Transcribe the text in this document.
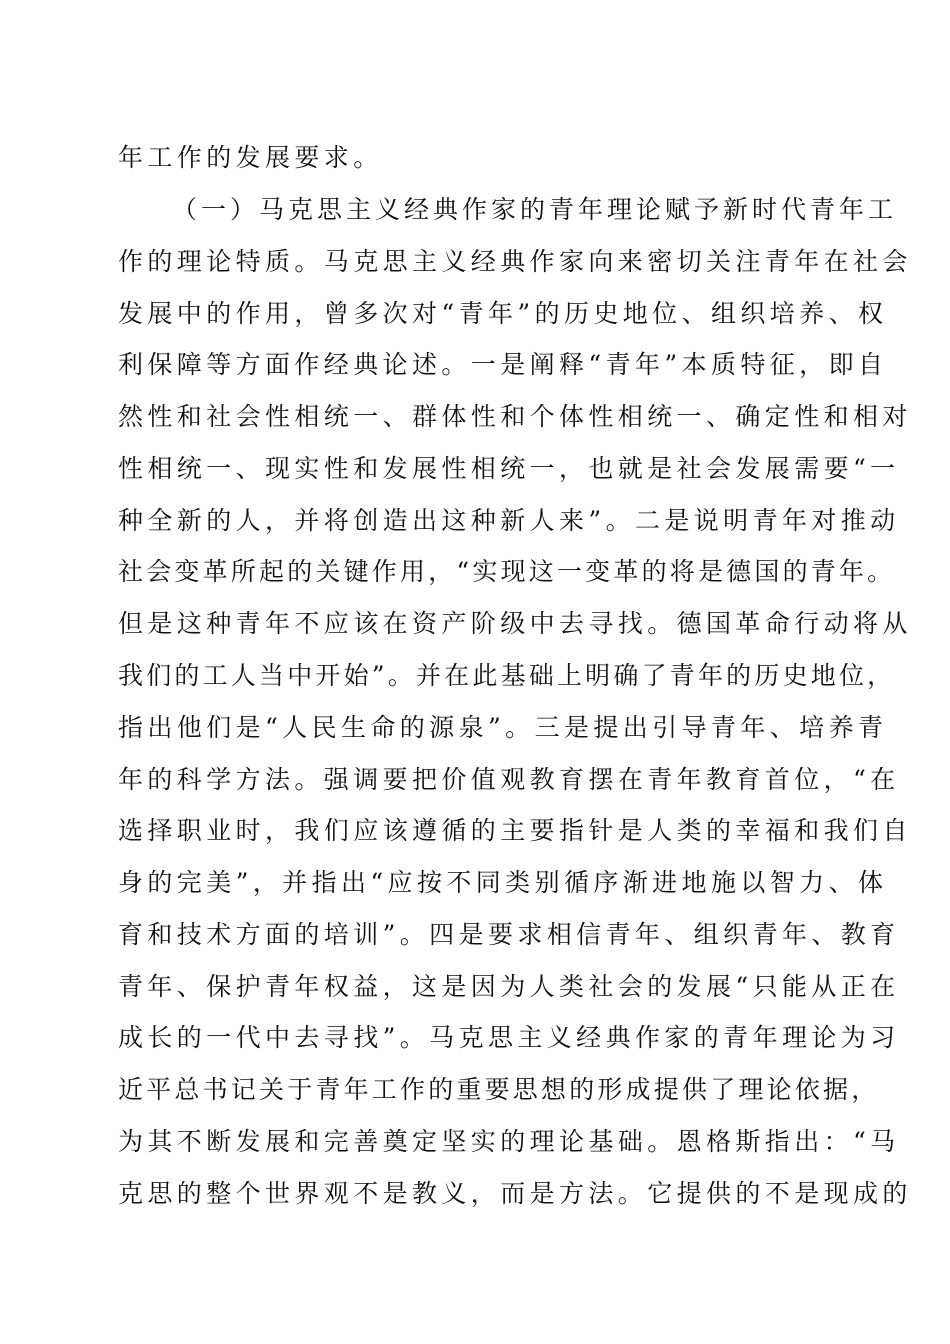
年工作的发展要求。
（一）马克思主义经典作家的青年理论赋予新时代青年工
作的理论特质。马克思主义经典作家向来密切关注青年在社会
发展中的作用，曾多次对“青年”的历史地位、组织培养、权
利保障等方面作经典论述。一是阐释“青年”本质特征，即自
然性和社会性相统一、群体性和个体性相统一、确定性和相对
性相统一、现实性和发展性相统一，也就是社会发展需要“一
种全新的人，并将创造出这种新人来”。二是说明青年对推动
社会变革所起的关键作用，“实现这一变革的将是德国的青年。
但是这种青年不应该在资产阶级中去寻找。德国革命行动将从
我们的工人当中开始”。并在此基础上明确了青年的历史地位，
指出他们是“人民生命的源泉”。三是提出引导青年、培养青
年的科学方法。强调要把价值观教育摆在青年教育首位，“在
选择职业时，我们应该遵循的主要指针是人类的幸福和我们自
身的完美”，并指出“应按不同类别循序渐进地施以智力、体
育和技术方面的培训”。四是要求相信青年、组织青年、教育
青年、保护青年权益，这是因为人类社会的发展“只能从正在
成长的一代中去寻找”。马克思主义经典作家的青年理论为习
近平总书记关于青年工作的重要思想的形成提供了理论依据，
为其不断发展和完善奠定坚实的理论基础。恩格斯指出：“马
克思的整个世界观不是教义，而是方法。它提供的不是现成的
